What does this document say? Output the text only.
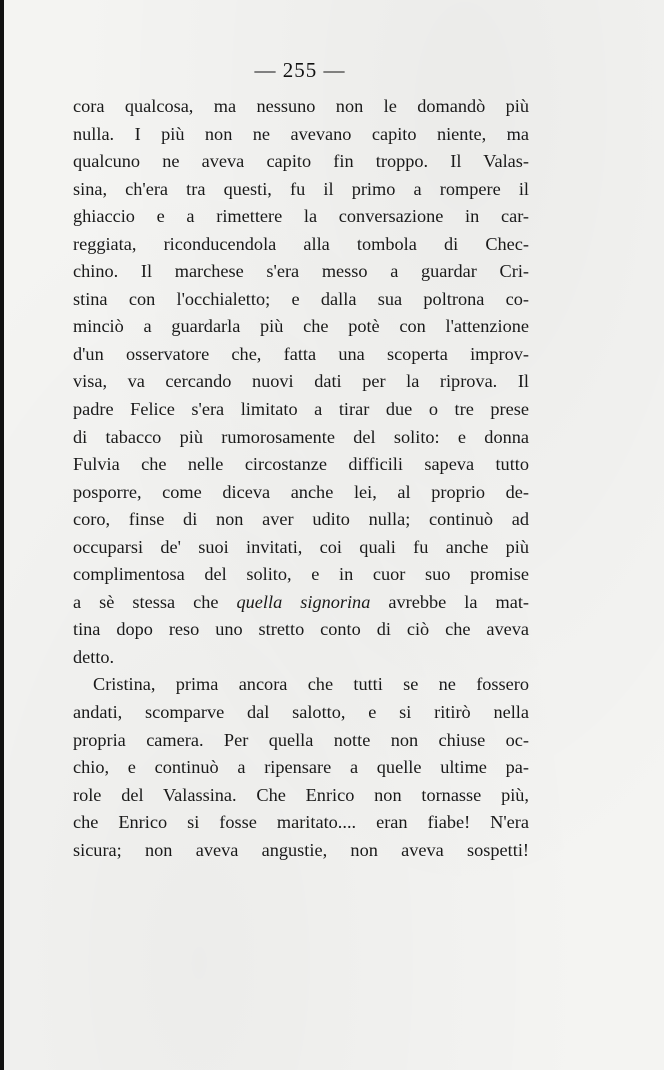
— 255 —
cora qualcosa, ma nessuno non le domandò più
nulla. I più non ne avevano capito niente, ma
qualcuno ne aveva capito fin troppo. Il Valas-
sina, ch'era tra questi, fu il primo a rompere il
ghiaccio e a rimettere la conversazione in car-
reggiata, riconducendola alla tombola di Chec-
chino. Il marchese s'era messo a guardar Cri-
stina con l'occhialetto; e dalla sua poltrona co-
minciò a guardarla più che potè con l'attenzione
d'un osservatore che, fatta una scoperta improv-
visa, va cercando nuovi dati per la riprova. Il
padre Felice s'era limitato a tirar due o tre prese
di tabacco più rumorosamente del solito: e donna
Fulvia che nelle circostanze difficili sapeva tutto
posporre, come diceva anche lei, al proprio de-
coro, finse di non aver udito nulla; continuò ad
occuparsi de' suoi invitati, coi quali fu anche più
complimentosa del solito, e in cuor suo promise
a sè stessa che quella signorina avrebbe la mat-
tina dopo reso uno stretto conto di ciò che aveva
detto.
Cristina, prima ancora che tutti se ne fossero
andati, scomparve dal salotto, e si ritirò nella
propria camera. Per quella notte non chiuse oc-
chio, e continuò a ripensare a quelle ultime pa-
role del Valassina. Che Enrico non tornasse più,
che Enrico si fosse maritato.... eran fiabe! N'era
sicura; non aveva angustie, non aveva sospetti!
